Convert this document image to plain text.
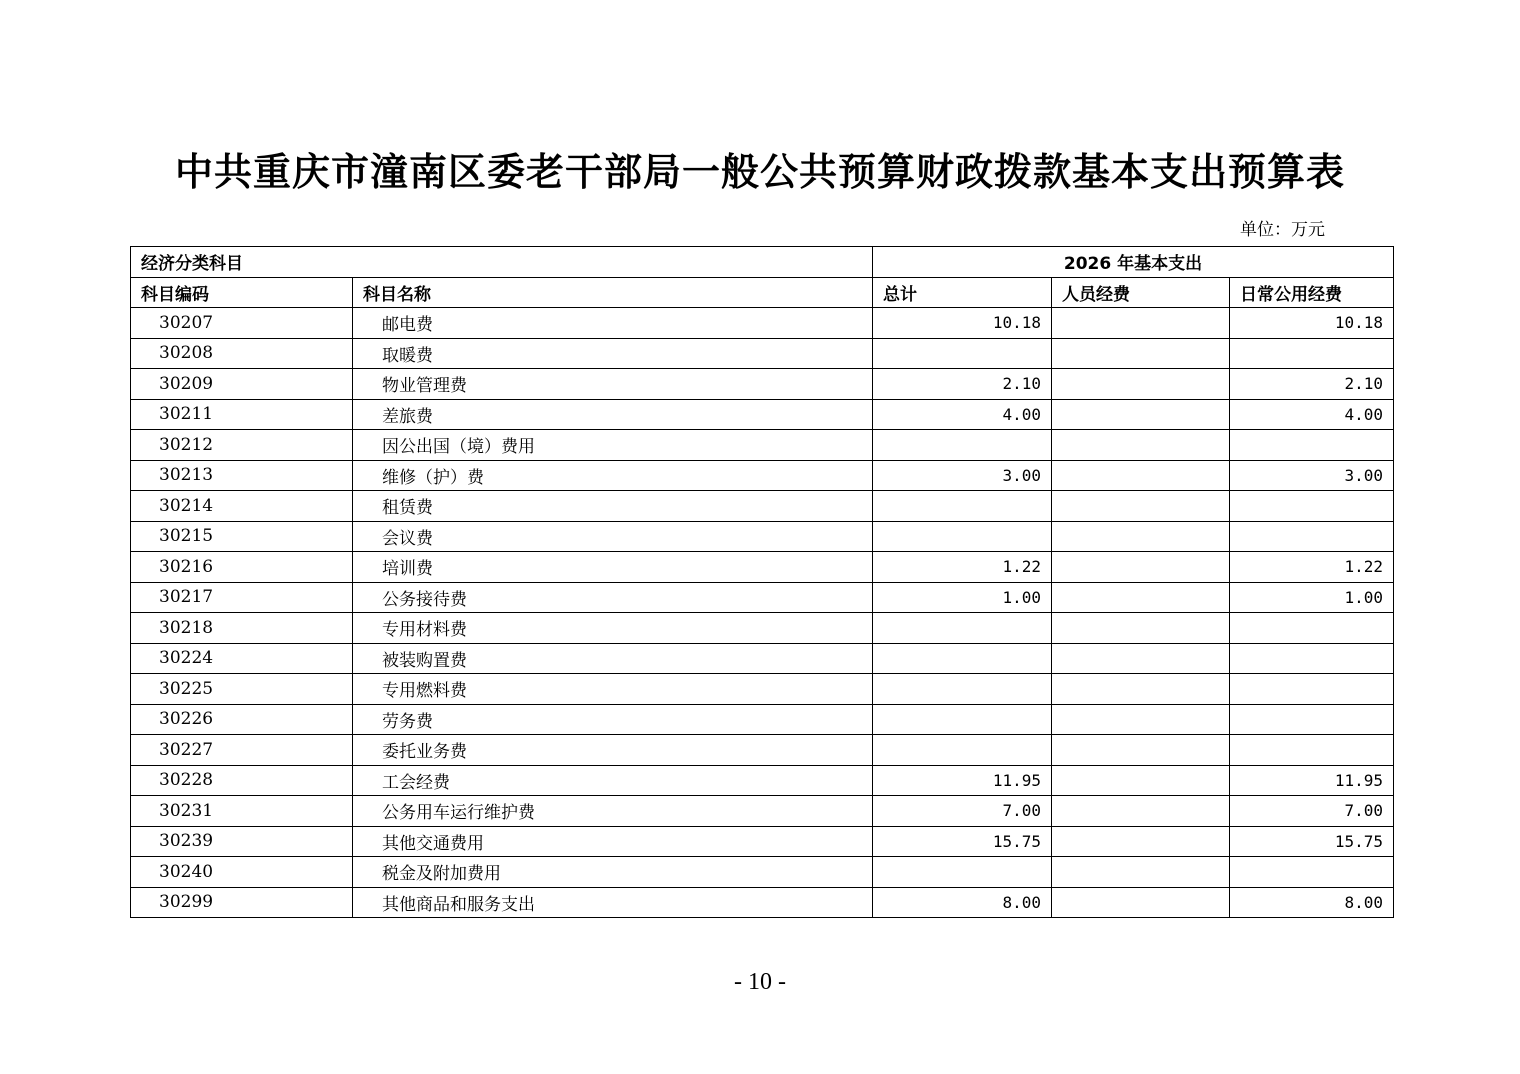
中共重庆市潼南区委老干部局一般公共预算财政拨款基本支出预算表
单位：万元
经济分类科目		2026 年基本支出		
科目编码	科目名称	总计	人员经费	日常公用经费
30207	邮电费	10.18		10.18
30208	取暖费			
30209	物业管理费	2.10		2.10
30211	差旅费	4.00		4.00
30212	因公出国（境）费用			
30213	维修（护）费	3.00		3.00
30214	租赁费			
30215	会议费			
30216	培训费	1.22		1.22
30217	公务接待费	1.00		1.00
30218	专用材料费			
30224	被装购置费			
30225	专用燃料费			
30226	劳务费			
30227	委托业务费			
30228	工会经费	11.95		11.95
30231	公务用车运行维护费	7.00		7.00
30239	其他交通费用	15.75		15.75
30240	税金及附加费用			
30299	其他商品和服务支出	8.00		8.00
- 10 -
